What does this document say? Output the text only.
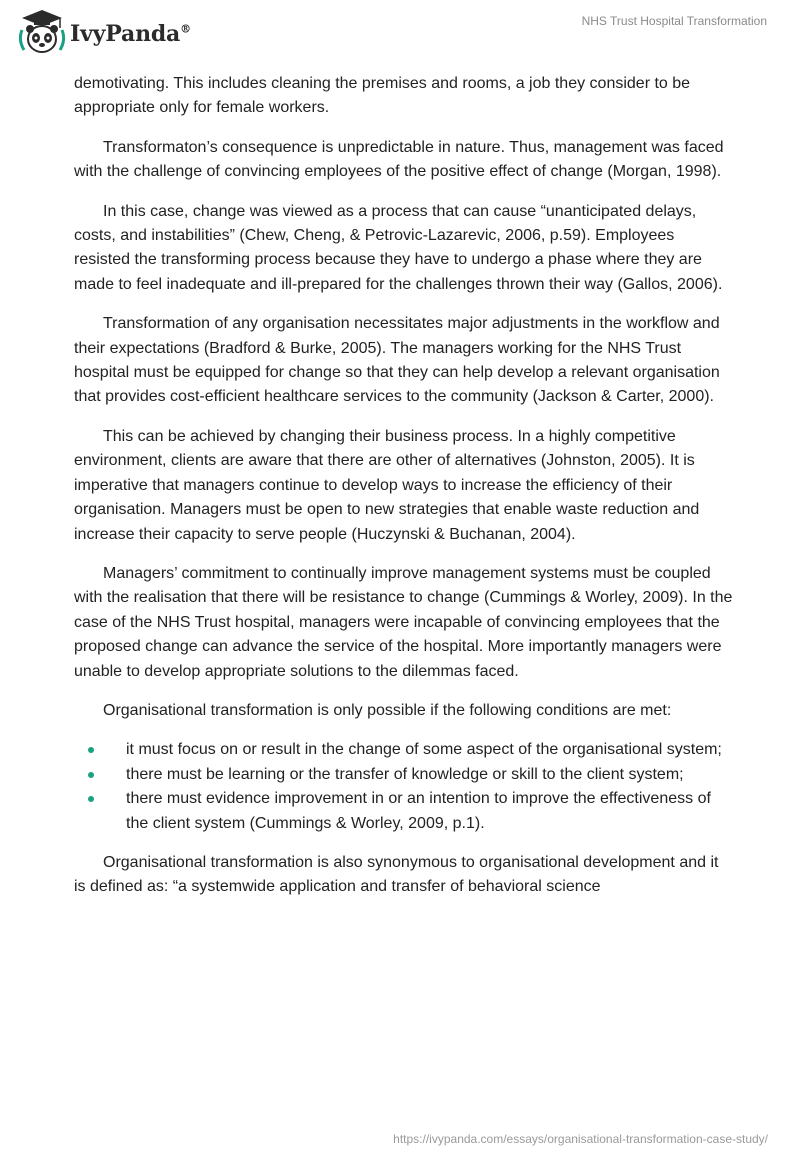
IvyPanda®
NHS Trust Hospital Transformation

demotivating. This includes cleaning the premises and rooms, a job they consider to be appropriate only for female workers.

Transformaton’s consequence is unpredictable in nature. Thus, management was faced with the challenge of convincing employees of the positive effect of change (Morgan, 1998).

In this case, change was viewed as a process that can cause “unanticipated delays, costs, and instabilities” (Chew, Cheng, & Petrovic-Lazarevic, 2006, p.59). Employees resisted the transforming process because they have to undergo a phase where they are made to feel inadequate and ill-prepared for the challenges thrown their way (Gallos, 2006).

Transformation of any organisation necessitates major adjustments in the workflow and their expectations (Bradford & Burke, 2005). The managers working for the NHS Trust hospital must be equipped for change so that they can help develop a relevant organisation that provides cost-efficient healthcare services to the community (Jackson & Carter, 2000).

This can be achieved by changing their business process. In a highly competitive environment, clients are aware that there are other of alternatives (Johnston, 2005). It is imperative that managers continue to develop ways to increase the efficiency of their organisation. Managers must be open to new strategies that enable waste reduction and increase their capacity to serve people (Huczynski & Buchanan, 2004).

Managers’ commitment to continually improve management systems must be coupled with the realisation that there will be resistance to change (Cummings & Worley, 2009). In the case of the NHS Trust hospital, managers were incapable of convincing employees that the proposed change can advance the service of the hospital. More importantly managers were unable to develop appropriate solutions to the dilemmas faced.

Organisational transformation is only possible if the following conditions are met:

it must focus on or result in the change of some aspect of the organisational system;
there must be learning or the transfer of knowledge or skill to the client system;
there must evidence improvement in or an intention to improve the effectiveness of the client system (Cummings & Worley, 2009, p.1).

Organisational transformation is also synonymous to organisational development and it is defined as: “a systemwide application and transfer of behavioral science

https://ivypanda.com/essays/organisational-transformation-case-study/
